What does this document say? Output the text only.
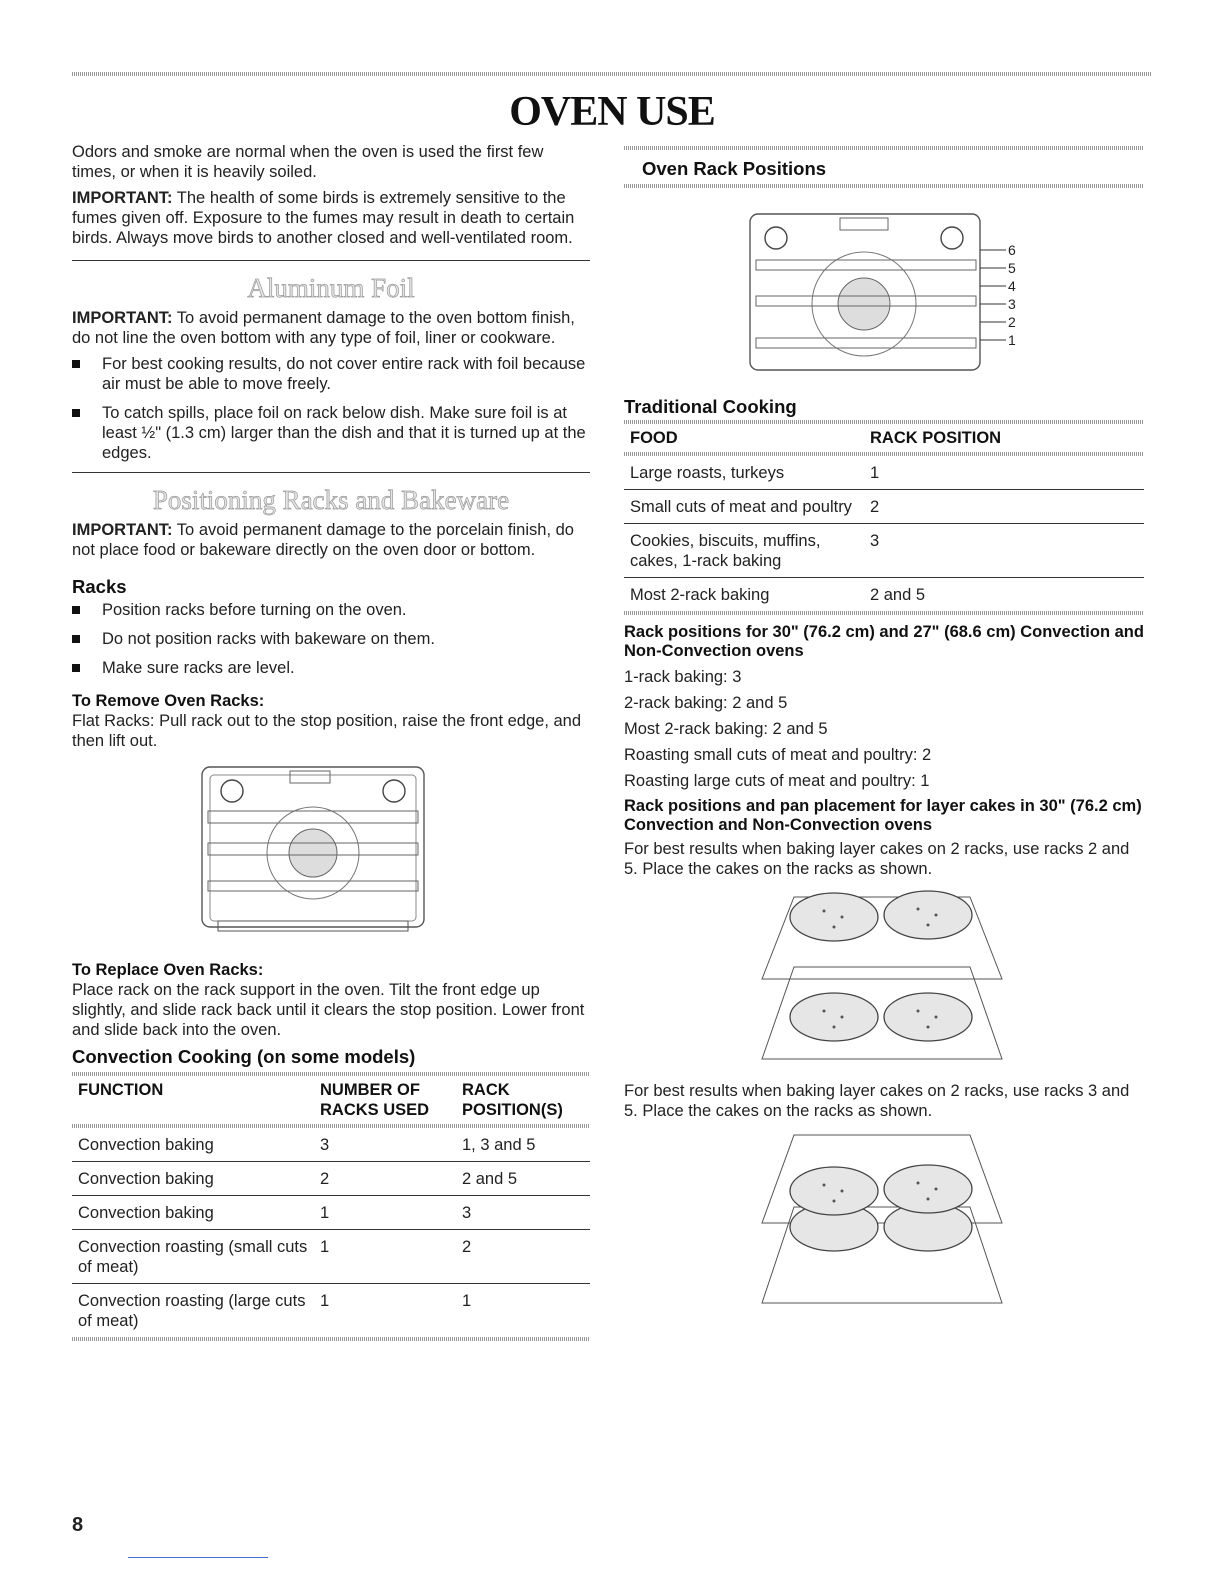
OVEN USE

Odors and smoke are normal when the oven is used the first few times, or when it is heavily soiled.

IMPORTANT: The health of some birds is extremely sensitive to the fumes given off. Exposure to the fumes may result in death to certain birds. Always move birds to another closed and well-ventilated room.

Aluminum Foil

IMPORTANT: To avoid permanent damage to the oven bottom finish, do not line the oven bottom with any type of foil, liner or cookware.

For best cooking results, do not cover entire rack with foil because air must be able to move freely.
To catch spills, place foil on rack below dish. Make sure foil is at least ½" (1.3 cm) larger than the dish and that it is turned up at the edges.
Positioning Racks and Bakeware

IMPORTANT: To avoid permanent damage to the porcelain finish, do not place food or bakeware directly on the oven door or bottom.

Racks
Position racks before turning on the oven.
Do not position racks with bakeware on them.
Make sure racks are level.
To Remove Oven Racks:

Flat Racks: Pull rack out to the stop position, raise the front edge, and then lift out.

To Replace Oven Racks:

Place rack on the rack support in the oven. Tilt the front edge up slightly, and slide rack back until it clears the stop position. Lower front and slide back into the oven.

Convection Cooking (on some models)
FUNCTION	NUMBER OF RACKS USED	RACK POSITION(S)

Convection baking	3	1, 3 and 5
Convection baking	2	2 and 5
Convection baking	1	3
Convection roasting (small cuts of meat)	1	2
Convection roasting (large cuts of meat)	1	1
Oven Rack Positions
6
5
4
3
2
1
Traditional Cooking
FOOD	RACK POSITION

Large roasts, turkeys	1
Small cuts of meat and poultry	2
Cookies, biscuits, muffins, cakes, 1-rack baking	3
Most 2-rack baking	2 and 5
Rack positions for 30" (76.2 cm) and 27" (68.6 cm) Convection and Non-Convection ovens

1-rack baking: 3

2-rack baking: 2 and 5

Most 2-rack baking: 2 and 5

Roasting small cuts of meat and poultry: 2

Roasting large cuts of meat and poultry: 1

Rack positions and pan placement for layer cakes in 30" (76.2 cm) Convection and Non-Convection ovens

For best results when baking layer cakes on 2 racks, use racks 2 and 5. Place the cakes on the racks as shown.

For best results when baking layer cakes on 2 racks, use racks 3 and 5. Place the cakes on the racks as shown.

8
